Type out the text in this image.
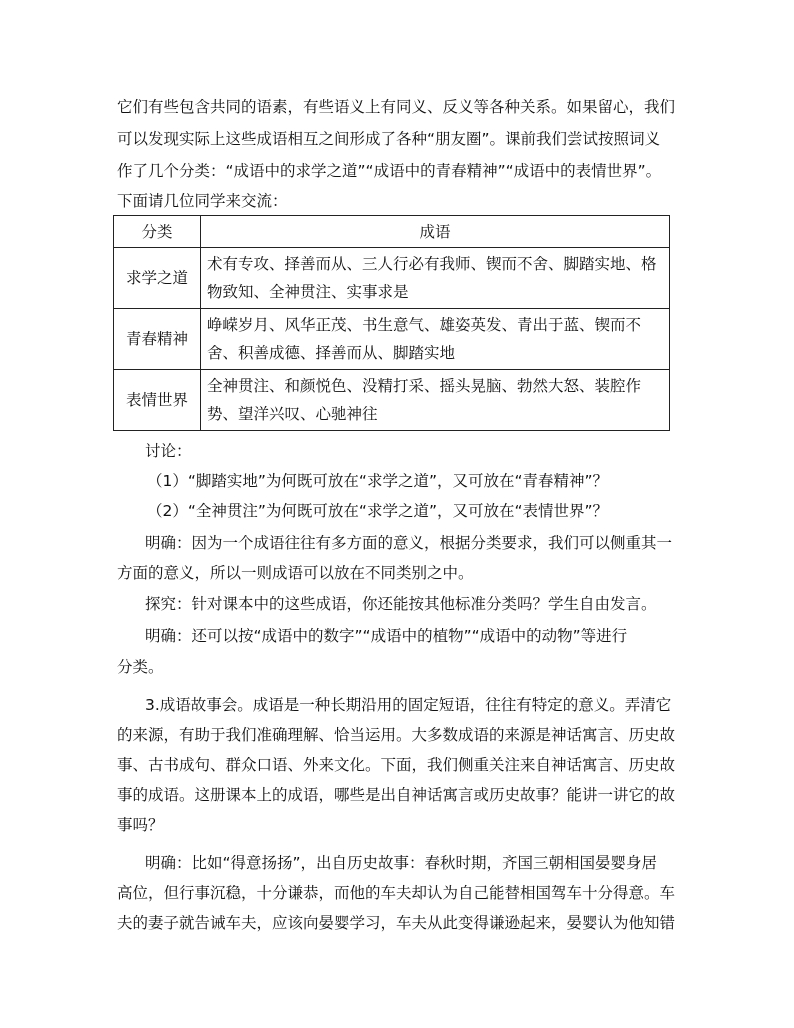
它们有些包含共同的语素，有些语义上有同义、反义等各种关系。如果留心，我们
可以发现实际上这些成语相互之间形成了各种“朋友圈”。课前我们尝试按照词义
作了几个分类：“成语中的求学之道”“成语中的青春精神”“成语中的表情世界”。
下面请几位同学来交流：
分类	成语
求学之道	术有专攻、择善而从、三人行必有我师、锲而不舍、脚踏实地、格物致知、全神贯注、实事求是
青春精神	峥嵘岁月、风华正茂、书生意气、雄姿英发、青出于蓝、锲而不舍、积善成德、择善而从、脚踏实地
表情世界	全神贯注、和颜悦色、没精打采、摇头晃脑、勃然大怒、装腔作势、望洋兴叹、心驰神往
讨论：
（1）“脚踏实地”为何既可放在“求学之道”，又可放在“青春精神”？
（2）“全神贯注”为何既可放在“求学之道”，又可放在“表情世界”？
明确：因为一个成语往往有多方面的意义，根据分类要求，我们可以侧重其一
方面的意义，所以一则成语可以放在不同类别之中。
探究：针对课本中的这些成语，你还能按其他标准分类吗？学生自由发言。
明确：还可以按“成语中的数字”“成语中的植物”“成语中的动物”等进行
分类。
3.成语故事会。成语是一种长期沿用的固定短语，往往有特定的意义。弄清它
的来源，有助于我们准确理解、恰当运用。大多数成语的来源是神话寓言、历史故
事、古书成句、群众口语、外来文化。下面，我们侧重关注来自神话寓言、历史故
事的成语。这册课本上的成语，哪些是出自神话寓言或历史故事？能讲一讲它的故
事吗？
明确：比如“得意扬扬”，出自历史故事：春秋时期，齐国三朝相国晏婴身居
高位，但行事沉稳，十分谦恭，而他的车夫却认为自己能替相国驾车十分得意。车
夫的妻子就告诫车夫，应该向晏婴学习，车夫从此变得谦逊起来，晏婴认为他知错
